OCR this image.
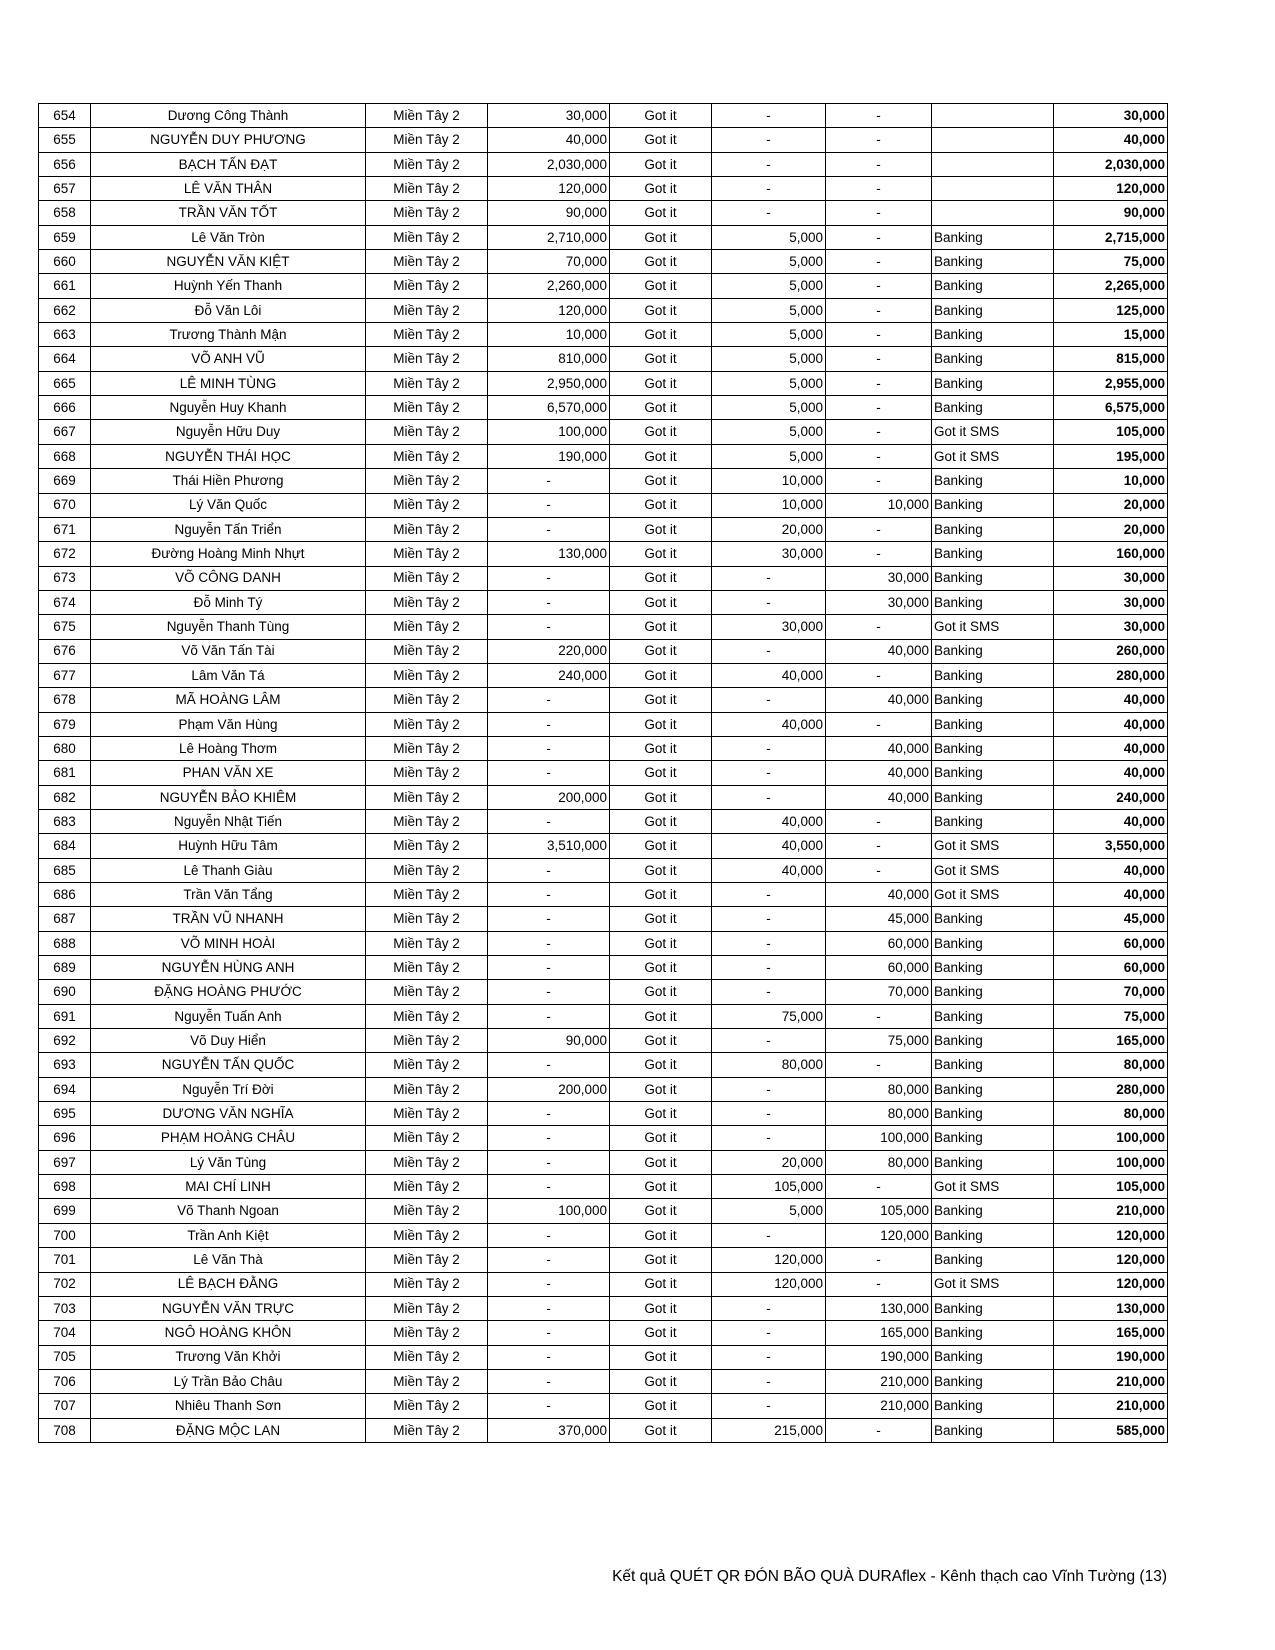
654	Dương Công Thành	Miền Tây 2	30,000	Got it	-	-		30,000
655	NGUYỄN DUY PHƯƠNG	Miền Tây 2	40,000	Got it	-	-		40,000
656	BẠCH TẤN ĐẠT	Miền Tây 2	2,030,000	Got it	-	-		2,030,000
657	LÊ VĂN THÂN	Miền Tây 2	120,000	Got it	-	-		120,000
658	TRẦN VĂN TỐT	Miền Tây 2	90,000	Got it	-	-		90,000
659	Lê Văn Tròn	Miền Tây 2	2,710,000	Got it	5,000	-	Banking	2,715,000
660	NGUYỄN VĂN KIỆT	Miền Tây 2	70,000	Got it	5,000	-	Banking	75,000
661	Huỳnh Yến Thanh	Miền Tây 2	2,260,000	Got it	5,000	-	Banking	2,265,000
662	Đỗ Văn Lôi	Miền Tây 2	120,000	Got it	5,000	-	Banking	125,000
663	Trương Thành Mận	Miền Tây 2	10,000	Got it	5,000	-	Banking	15,000
664	VÕ ANH VŨ	Miền Tây 2	810,000	Got it	5,000	-	Banking	815,000
665	LÊ MINH TÙNG	Miền Tây 2	2,950,000	Got it	5,000	-	Banking	2,955,000
666	Nguyễn Huy Khanh	Miền Tây 2	6,570,000	Got it	5,000	-	Banking	6,575,000
667	Nguyễn Hữu Duy	Miền Tây 2	100,000	Got it	5,000	-	Got it SMS	105,000
668	NGUYỄN THÁI HỌC	Miền Tây 2	190,000	Got it	5,000	-	Got it SMS	195,000
669	Thái Hiền Phương	Miền Tây 2	-	Got it	10,000	-	Banking	10,000
670	Lý Văn Quốc	Miền Tây 2	-	Got it	10,000	10,000	Banking	20,000
671	Nguyễn Tấn Triển	Miền Tây 2	-	Got it	20,000	-	Banking	20,000
672	Đường Hoàng Minh Nhựt	Miền Tây 2	130,000	Got it	30,000	-	Banking	160,000
673	VÕ CÔNG DANH	Miền Tây 2	-	Got it	-	30,000	Banking	30,000
674	Đỗ Minh Tý	Miền Tây 2	-	Got it	-	30,000	Banking	30,000
675	Nguyễn Thanh Tùng	Miền Tây 2	-	Got it	30,000	-	Got it SMS	30,000
676	Võ Văn Tấn Tài	Miền Tây 2	220,000	Got it	-	40,000	Banking	260,000
677	Lâm Văn Tá	Miền Tây 2	240,000	Got it	40,000	-	Banking	280,000
678	MÃ HOÀNG LÂM	Miền Tây 2	-	Got it	-	40,000	Banking	40,000
679	Phạm Văn Hùng	Miền Tây 2	-	Got it	40,000	-	Banking	40,000
680	Lê Hoàng Thơm	Miền Tây 2	-	Got it	-	40,000	Banking	40,000
681	PHAN VĂN XE	Miền Tây 2	-	Got it	-	40,000	Banking	40,000
682	NGUYỄN BẢO KHIÊM	Miền Tây 2	200,000	Got it	-	40,000	Banking	240,000
683	Nguyễn Nhật Tiến	Miền Tây 2	-	Got it	40,000	-	Banking	40,000
684	Huỳnh Hữu Tâm	Miền Tây 2	3,510,000	Got it	40,000	-	Got it SMS	3,550,000
685	Lê Thanh Giàu	Miền Tây 2	-	Got it	40,000	-	Got it SMS	40,000
686	Trần Văn Tẩng	Miền Tây 2	-	Got it	-	40,000	Got it SMS	40,000
687	TRẦN VŨ NHANH	Miền Tây 2	-	Got it	-	45,000	Banking	45,000
688	VÕ MINH HOÀI	Miền Tây 2	-	Got it	-	60,000	Banking	60,000
689	NGUYỄN HÙNG ANH	Miền Tây 2	-	Got it	-	60,000	Banking	60,000
690	ĐẶNG HOÀNG PHƯỚC	Miền Tây 2	-	Got it	-	70,000	Banking	70,000
691	Nguyễn Tuấn Anh	Miền Tây 2	-	Got it	75,000	-	Banking	75,000
692	Võ Duy Hiển	Miền Tây 2	90,000	Got it	-	75,000	Banking	165,000
693	NGUYỄN TẤN QUỐC	Miền Tây 2	-	Got it	80,000	-	Banking	80,000
694	Nguyễn Trí Đời	Miền Tây 2	200,000	Got it	-	80,000	Banking	280,000
695	DƯƠNG VĂN NGHĨA	Miền Tây 2	-	Got it	-	80,000	Banking	80,000
696	PHẠM HOÀNG CHÂU	Miền Tây 2	-	Got it	-	100,000	Banking	100,000
697	Lý Văn Tùng	Miền Tây 2	-	Got it	20,000	80,000	Banking	100,000
698	MAI CHÍ LINH	Miền Tây 2	-	Got it	105,000	-	Got it SMS	105,000
699	Võ Thanh Ngoan	Miền Tây 2	100,000	Got it	5,000	105,000	Banking	210,000
700	Trần Anh Kiệt	Miền Tây 2	-	Got it	-	120,000	Banking	120,000
701	Lê Văn Thà	Miền Tây 2	-	Got it	120,000	-	Banking	120,000
702	LÊ BẠCH ĐẰNG	Miền Tây 2	-	Got it	120,000	-	Got it SMS	120,000
703	NGUYỄN VĂN TRỰC	Miền Tây 2	-	Got it	-	130,000	Banking	130,000
704	NGÔ HOÀNG KHÔN	Miền Tây 2	-	Got it	-	165,000	Banking	165,000
705	Trương Văn Khởi	Miền Tây 2	-	Got it	-	190,000	Banking	190,000
706	Lý Trần Bảo Châu	Miền Tây 2	-	Got it	-	210,000	Banking	210,000
707	Nhiêu Thanh Sơn	Miền Tây 2	-	Got it	-	210,000	Banking	210,000
708	ĐẶNG MỘC LAN	Miền Tây 2	370,000	Got it	215,000	-	Banking	585,000
Kết quả QUÉT QR ĐÓN BÃO QUÀ DURAflex - Kênh thạch cao Vĩnh Tường (13)
